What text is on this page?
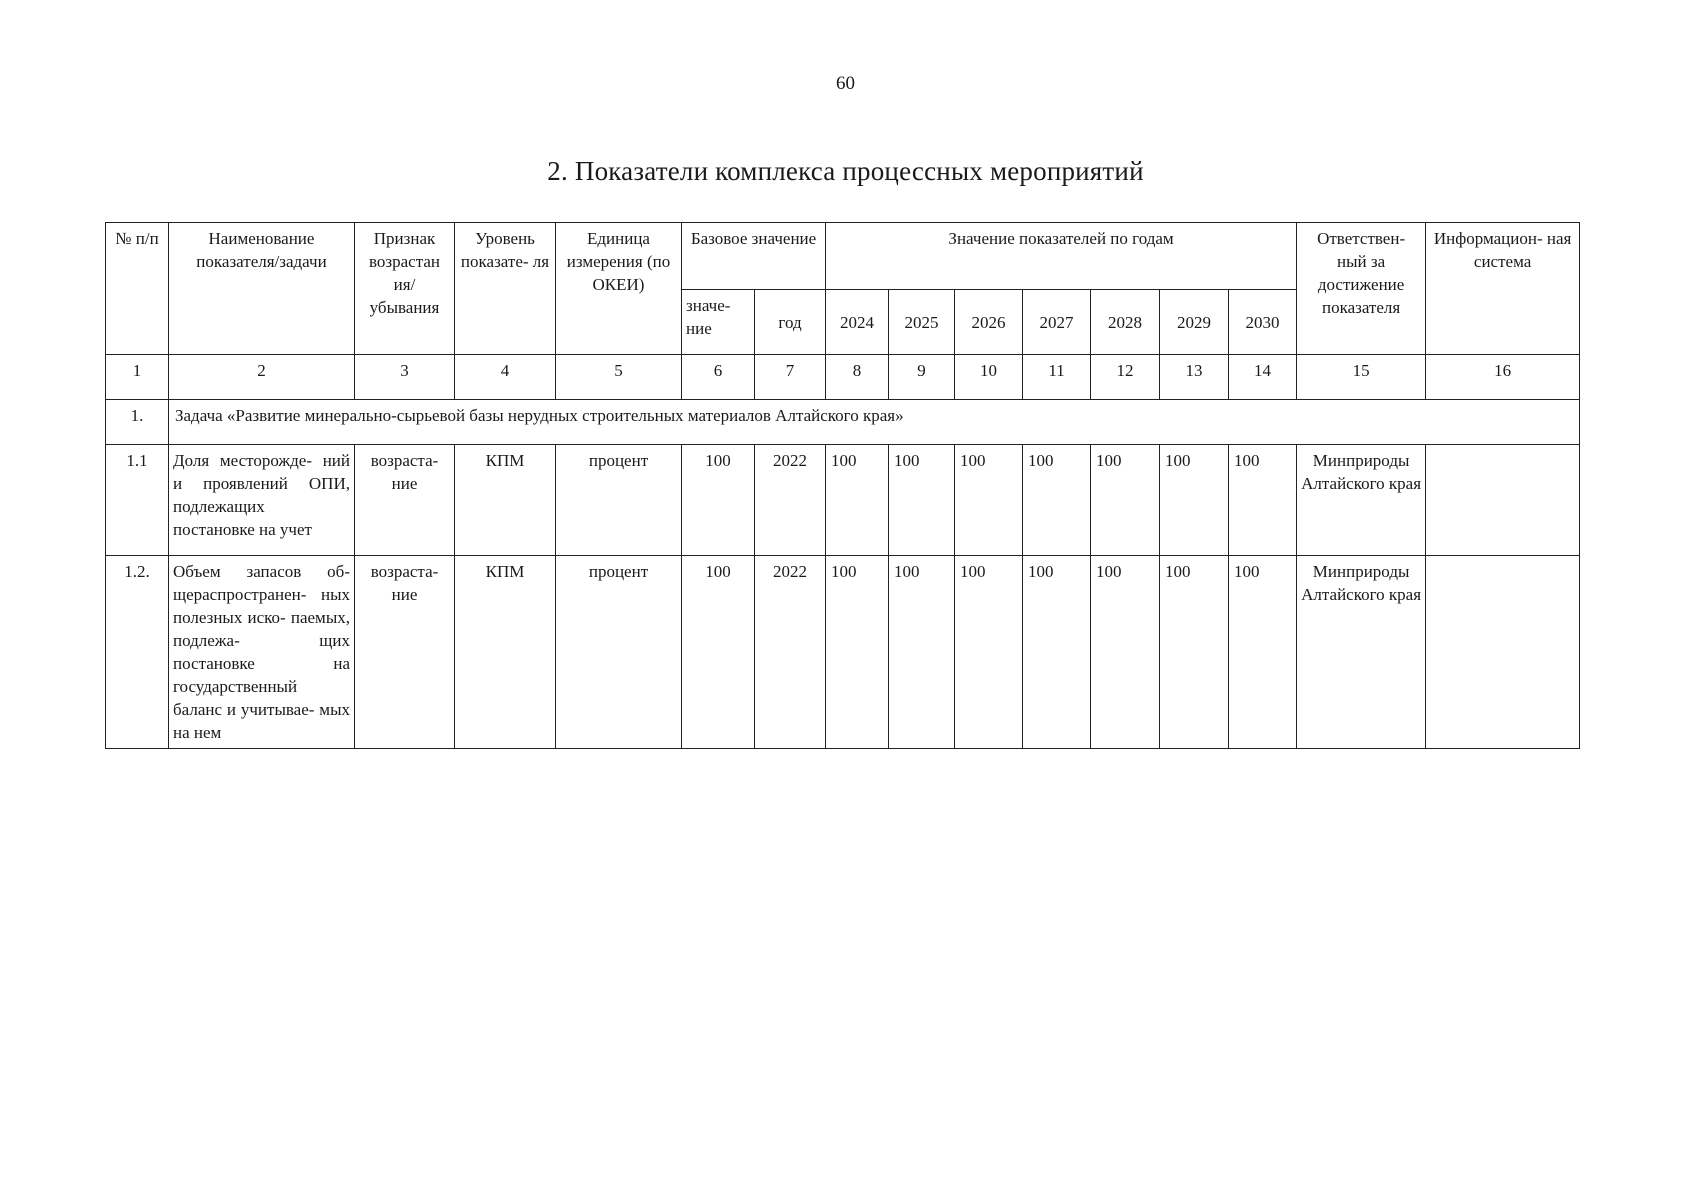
60
2. Показатели комплекса процессных мероприятий
№ п/п	Наименование показателя/задачи	Признак возрастан ия/ убывания	Уровень показате- ля	Единица измерения (по ОКЕИ)	Базовое значение		Значение показателей по годам							Ответствен- ный за достижение показателя	Информацион- ная система
					значе- ние	год	2024	2025	2026	2027	2028	2029	2030		
1	2	3	4	5	6	7	8	9	10	11	12	13	14	15	16
1.	Задача «Развитие минерально-сырьевой базы нерудных строительных материалов Алтайского края»														
1.1	Доля месторожде- ний и проявлений ОПИ, подлежащих постановке на учет	возраста- ние	КПМ	процент	100	2022	100	100	100	100	100	100	100	Минприроды Алтайского края	
1.2.	Объем запасов об- щераспространен- ных полезных иско- паемых, подлежа- щих постановке на государственный баланс и учитывае- мых на нем	возраста- ние	КПМ	процент	100	2022	100	100	100	100	100	100	100	Минприроды Алтайского края	
